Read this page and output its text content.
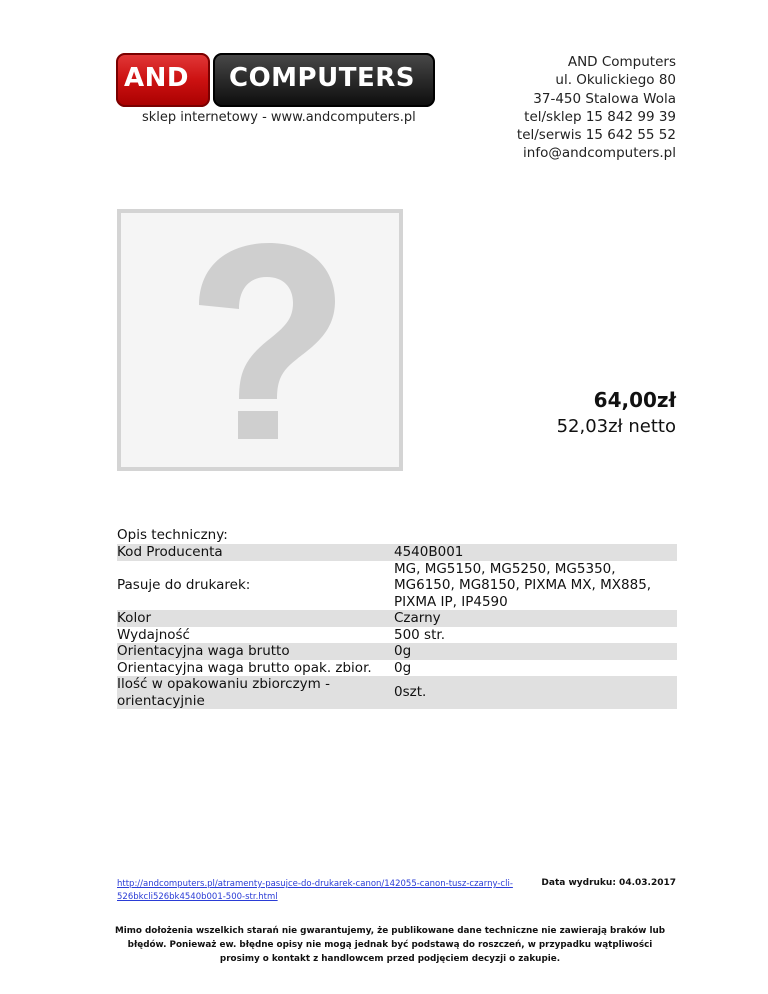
AND COMPUTERS
sklep internetowy - www.andcomputers.pl
AND Computers
ul. Okulickiego 80
37-450 Stalowa Wola
tel/sklep 15 842 99 39
tel/serwis 15 642 55 52
info@andcomputers.pl
64,00zł
52,03zł netto
Opis techniczny:
Kod Producenta	4540B001
Pasuje do drukarek:	MG, MG5150, MG5250, MG5350, MG6150, MG8150, PIXMA MX, MX885, PIXMA IP, IP4590
Kolor	Czarny
Wydajność	500 str.
Orientacyjna waga brutto	0g
Orientacyjna waga brutto opak. zbior.	0g
Ilość w opakowaniu zbiorczym - orientacyjnie	0szt.
http://andcomputers.pl/atramenty-pasujce-do-drukarek-canon/142055-canon-tusz-czarny-cli-526bkcli526bk4540b001-500-str.html
Data wydruku: 04.03.2017
Mimo dołożenia wszelkich starań nie gwarantujemy, że publikowane dane techniczne nie zawierają braków lub błędów. Ponieważ ew. błędne opisy nie mogą jednak być podstawą do roszczeń, w przypadku wątpliwości prosimy o kontakt z handlowcem przed podjęciem decyzji o zakupie.
